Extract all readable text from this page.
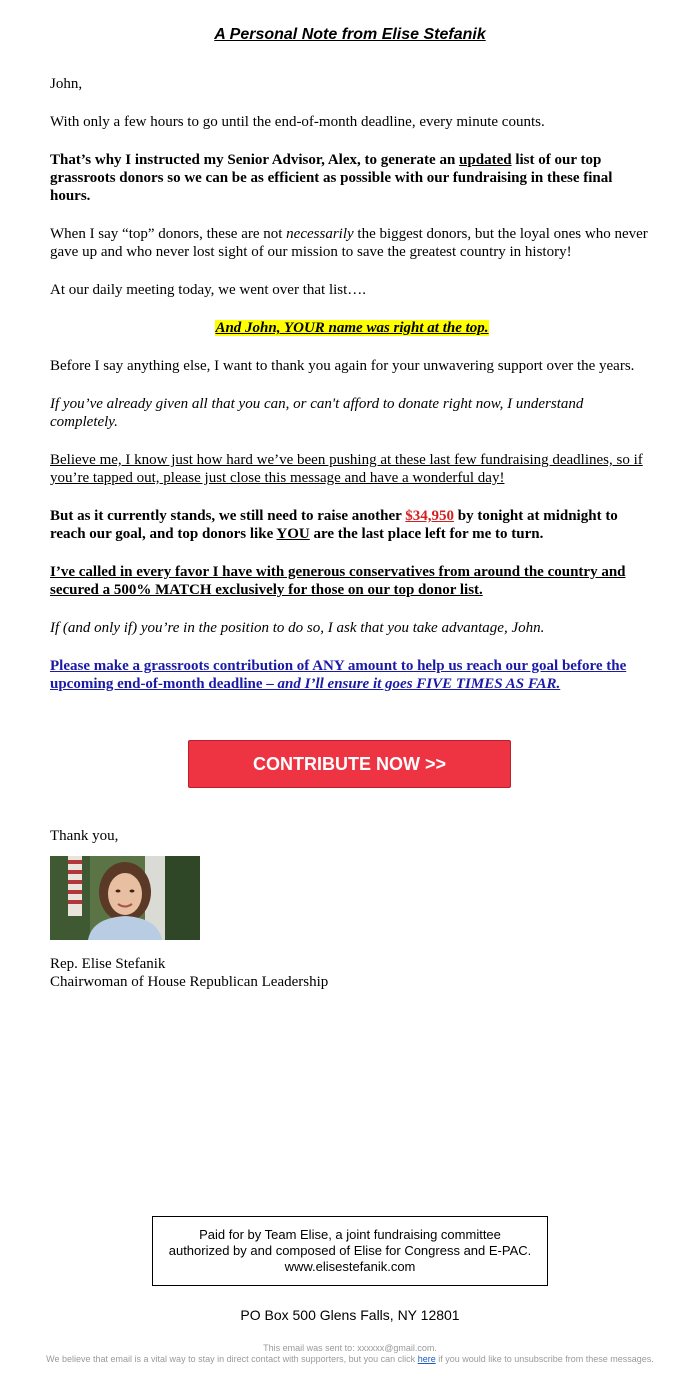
A Personal Note from Elise Stefanik

John,

With only a few hours to go until the end-of-month deadline, every minute counts.

That’s why I instructed my Senior Advisor, Alex, to generate an updated list of our top grassroots donors so we can be as efficient as possible with our fundraising in these final hours.

When I say “top” donors, these are not necessarily the biggest donors, but the loyal ones who never gave up and who never lost sight of our mission to save the greatest country in history!

At our daily meeting today, we went over that list….

And John, YOUR name was right at the top.

Before I say anything else, I want to thank you again for your unwavering support over the years.

If you’ve already given all that you can, or can't afford to donate right now, I understand completely.

Believe me, I know just how hard we’ve been pushing at these last few fundraising deadlines, so if you’re tapped out, please just close this message and have a wonderful day!

But as it currently stands, we still need to raise another $34,950 by tonight at midnight to reach our goal, and top donors like YOU are the last place left for me to turn.

I’ve called in every favor I have with generous conservatives from around the country and secured a 500% MATCH exclusively for those on our top donor list.

If (and only if) you’re in the position to do so, I ask that you take advantage, John.

Please make a grassroots contribution of ANY amount to help us reach our goal before the upcoming end-of-month deadline – and I’ll ensure it goes FIVE TIMES AS FAR.

CONTRIBUTE NOW >>
Thank you,
Rep. Elise Stefanik
Chairwoman of House Republican Leadership
Paid for by Team Elise, a joint fundraising committee authorized by and composed of Elise for Congress and E-PAC. www.elisestefanik.com
PO Box 500 Glens Falls, NY 12801
This email was sent to: xxxxxx@gmail.com.
We believe that email is a vital way to stay in direct contact with supporters, but you can click here if you would like to unsubscribe from these messages.
